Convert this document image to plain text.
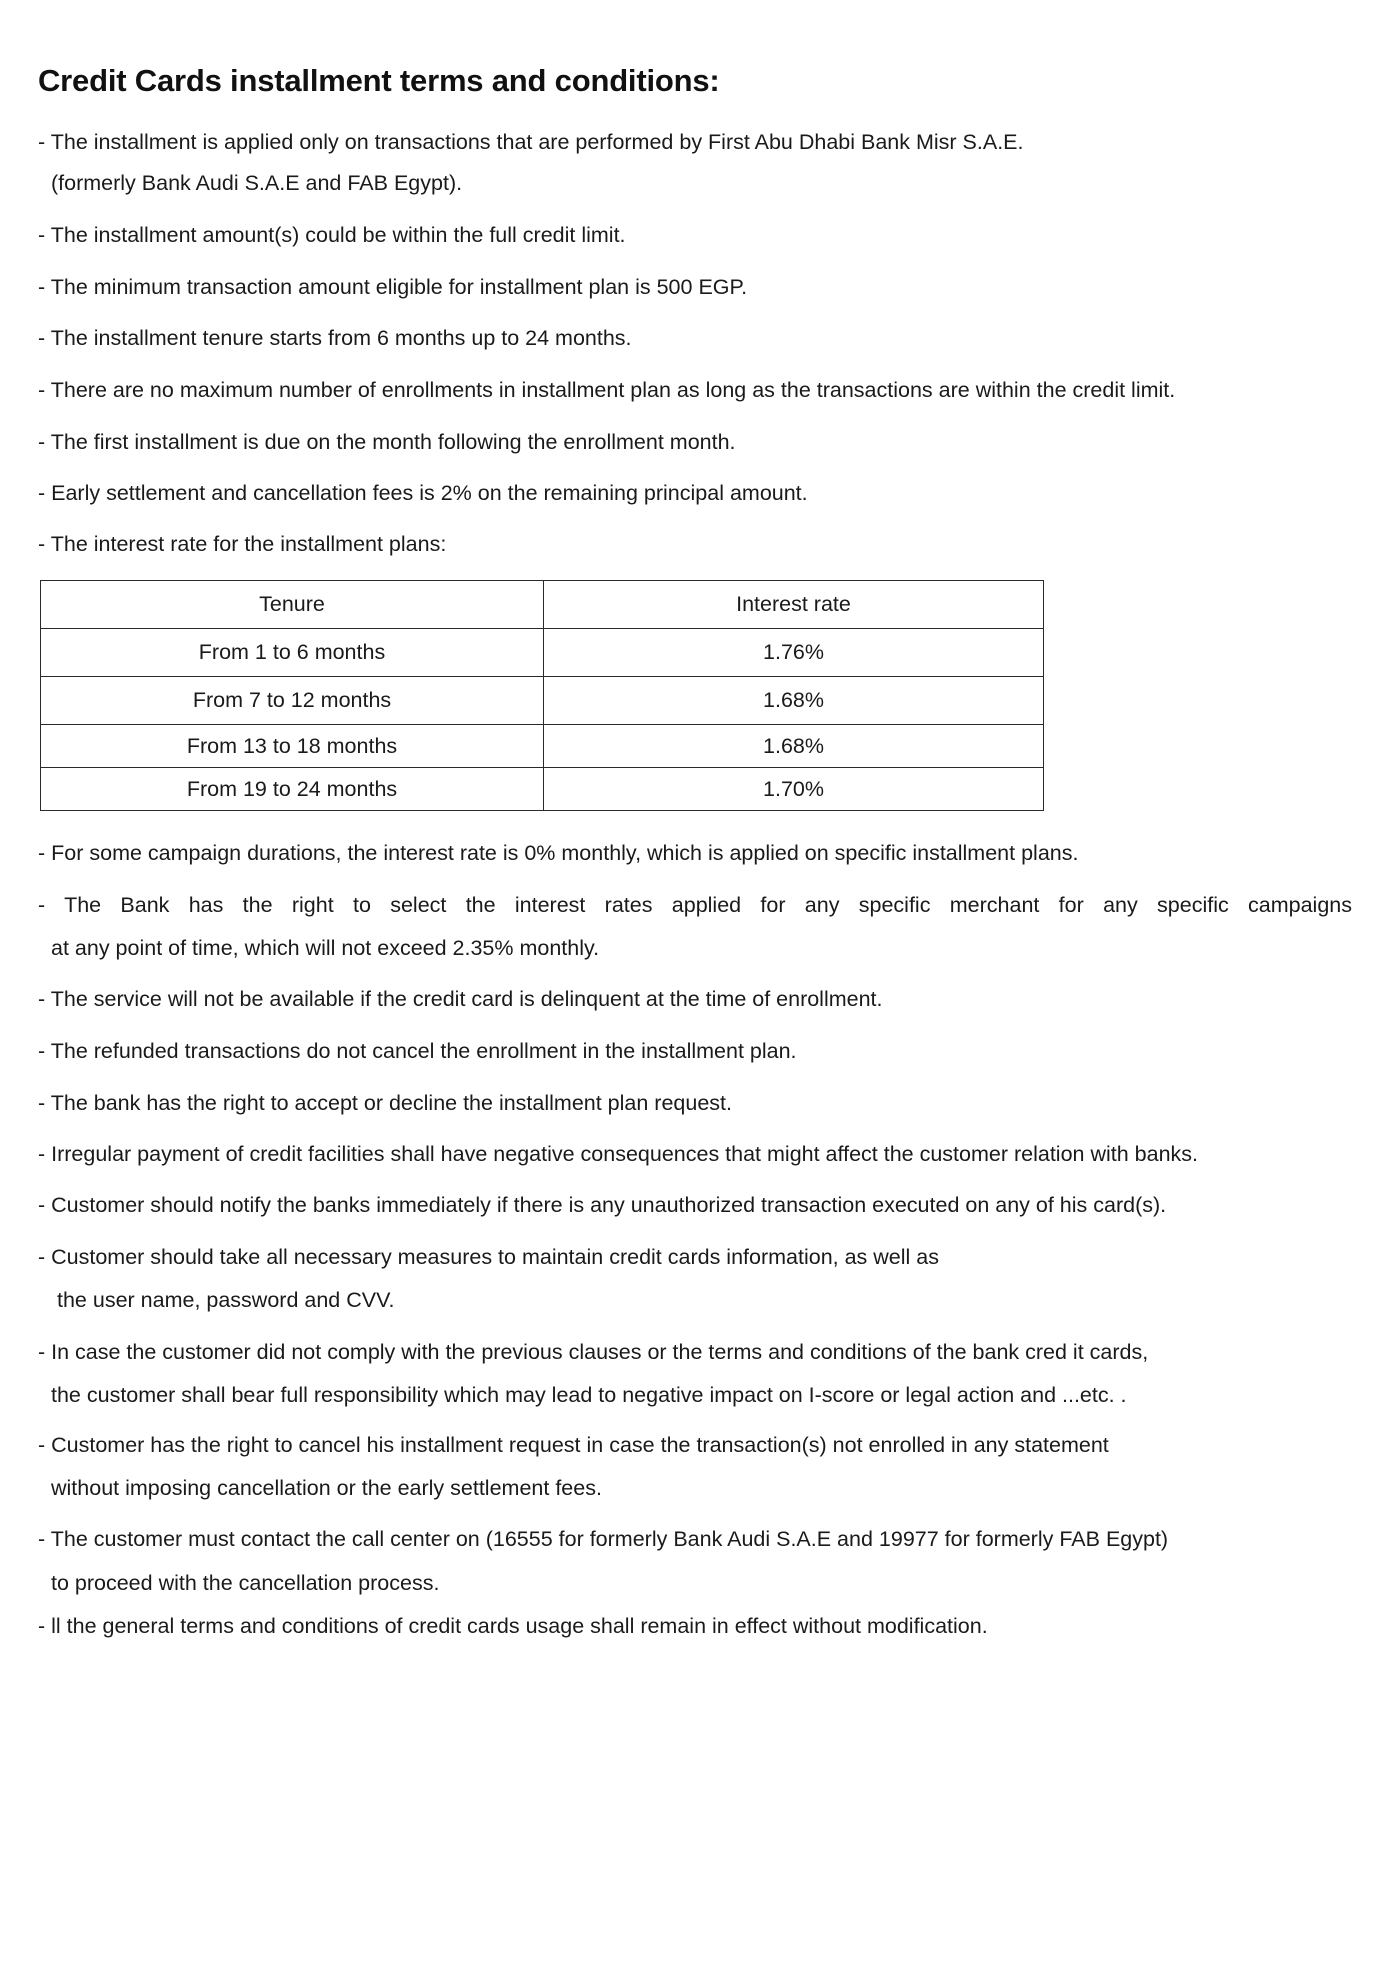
Credit Cards installment terms and conditions:
- The installment is applied only on transactions that are performed by First Abu Dhabi Bank Misr S.A.E.
(formerly Bank Audi S.A.E and FAB Egypt).
- The installment amount(s) could be within the full credit limit.
- The minimum transaction amount eligible for installment plan is 500 EGP.
- The installment tenure starts from 6 months up to 24 months.
- There are no maximum number of enrollments in installment plan as long as the transactions are within the credit limit.
- The first installment is due on the month following the enrollment month.
- Early settlement and cancellation fees is 2% on the remaining principal amount.
- The interest rate for the installment plans:
Tenure	Interest rate
From 1 to 6 months	1.76%
From 7 to 12 months	1.68%
From 13 to 18 months	1.68%
From 19 to 24 months	1.70%
- For some campaign durations, the interest rate is 0% monthly, which is applied on specific installment plans.
- The Bank has the right to select the interest rates applied for any specific merchant for any specific campaigns
at any point of time, which will not exceed 2.35% monthly.
- The service will not be available if the credit card is delinquent at the time of enrollment.
- The refunded transactions do not cancel the enrollment in the installment plan.
- The bank has the right to accept or decline the installment plan request.
- Irregular payment of credit facilities shall have negative consequences that might affect the customer relation with banks.
- Customer should notify the banks immediately if there is any unauthorized transaction executed on any of his card(s).
- Customer should take all necessary measures to maintain credit cards information, as well as
the user name, password and CVV.
- In case the customer did not comply with the previous clauses or the terms and conditions of the bank cred it cards,
the customer shall bear full responsibility which may lead to negative impact on I-score or legal action and ...etc. .
- Customer has the right to cancel his installment request in case the transaction(s) not enrolled in any statement
without imposing cancellation or the early settlement fees.
- The customer must contact the call center on (16555 for formerly Bank Audi S.A.E and 19977 for formerly FAB Egypt)
to proceed with the cancellation process.
- ll the general terms and conditions of credit cards usage shall remain in effect without modification.
